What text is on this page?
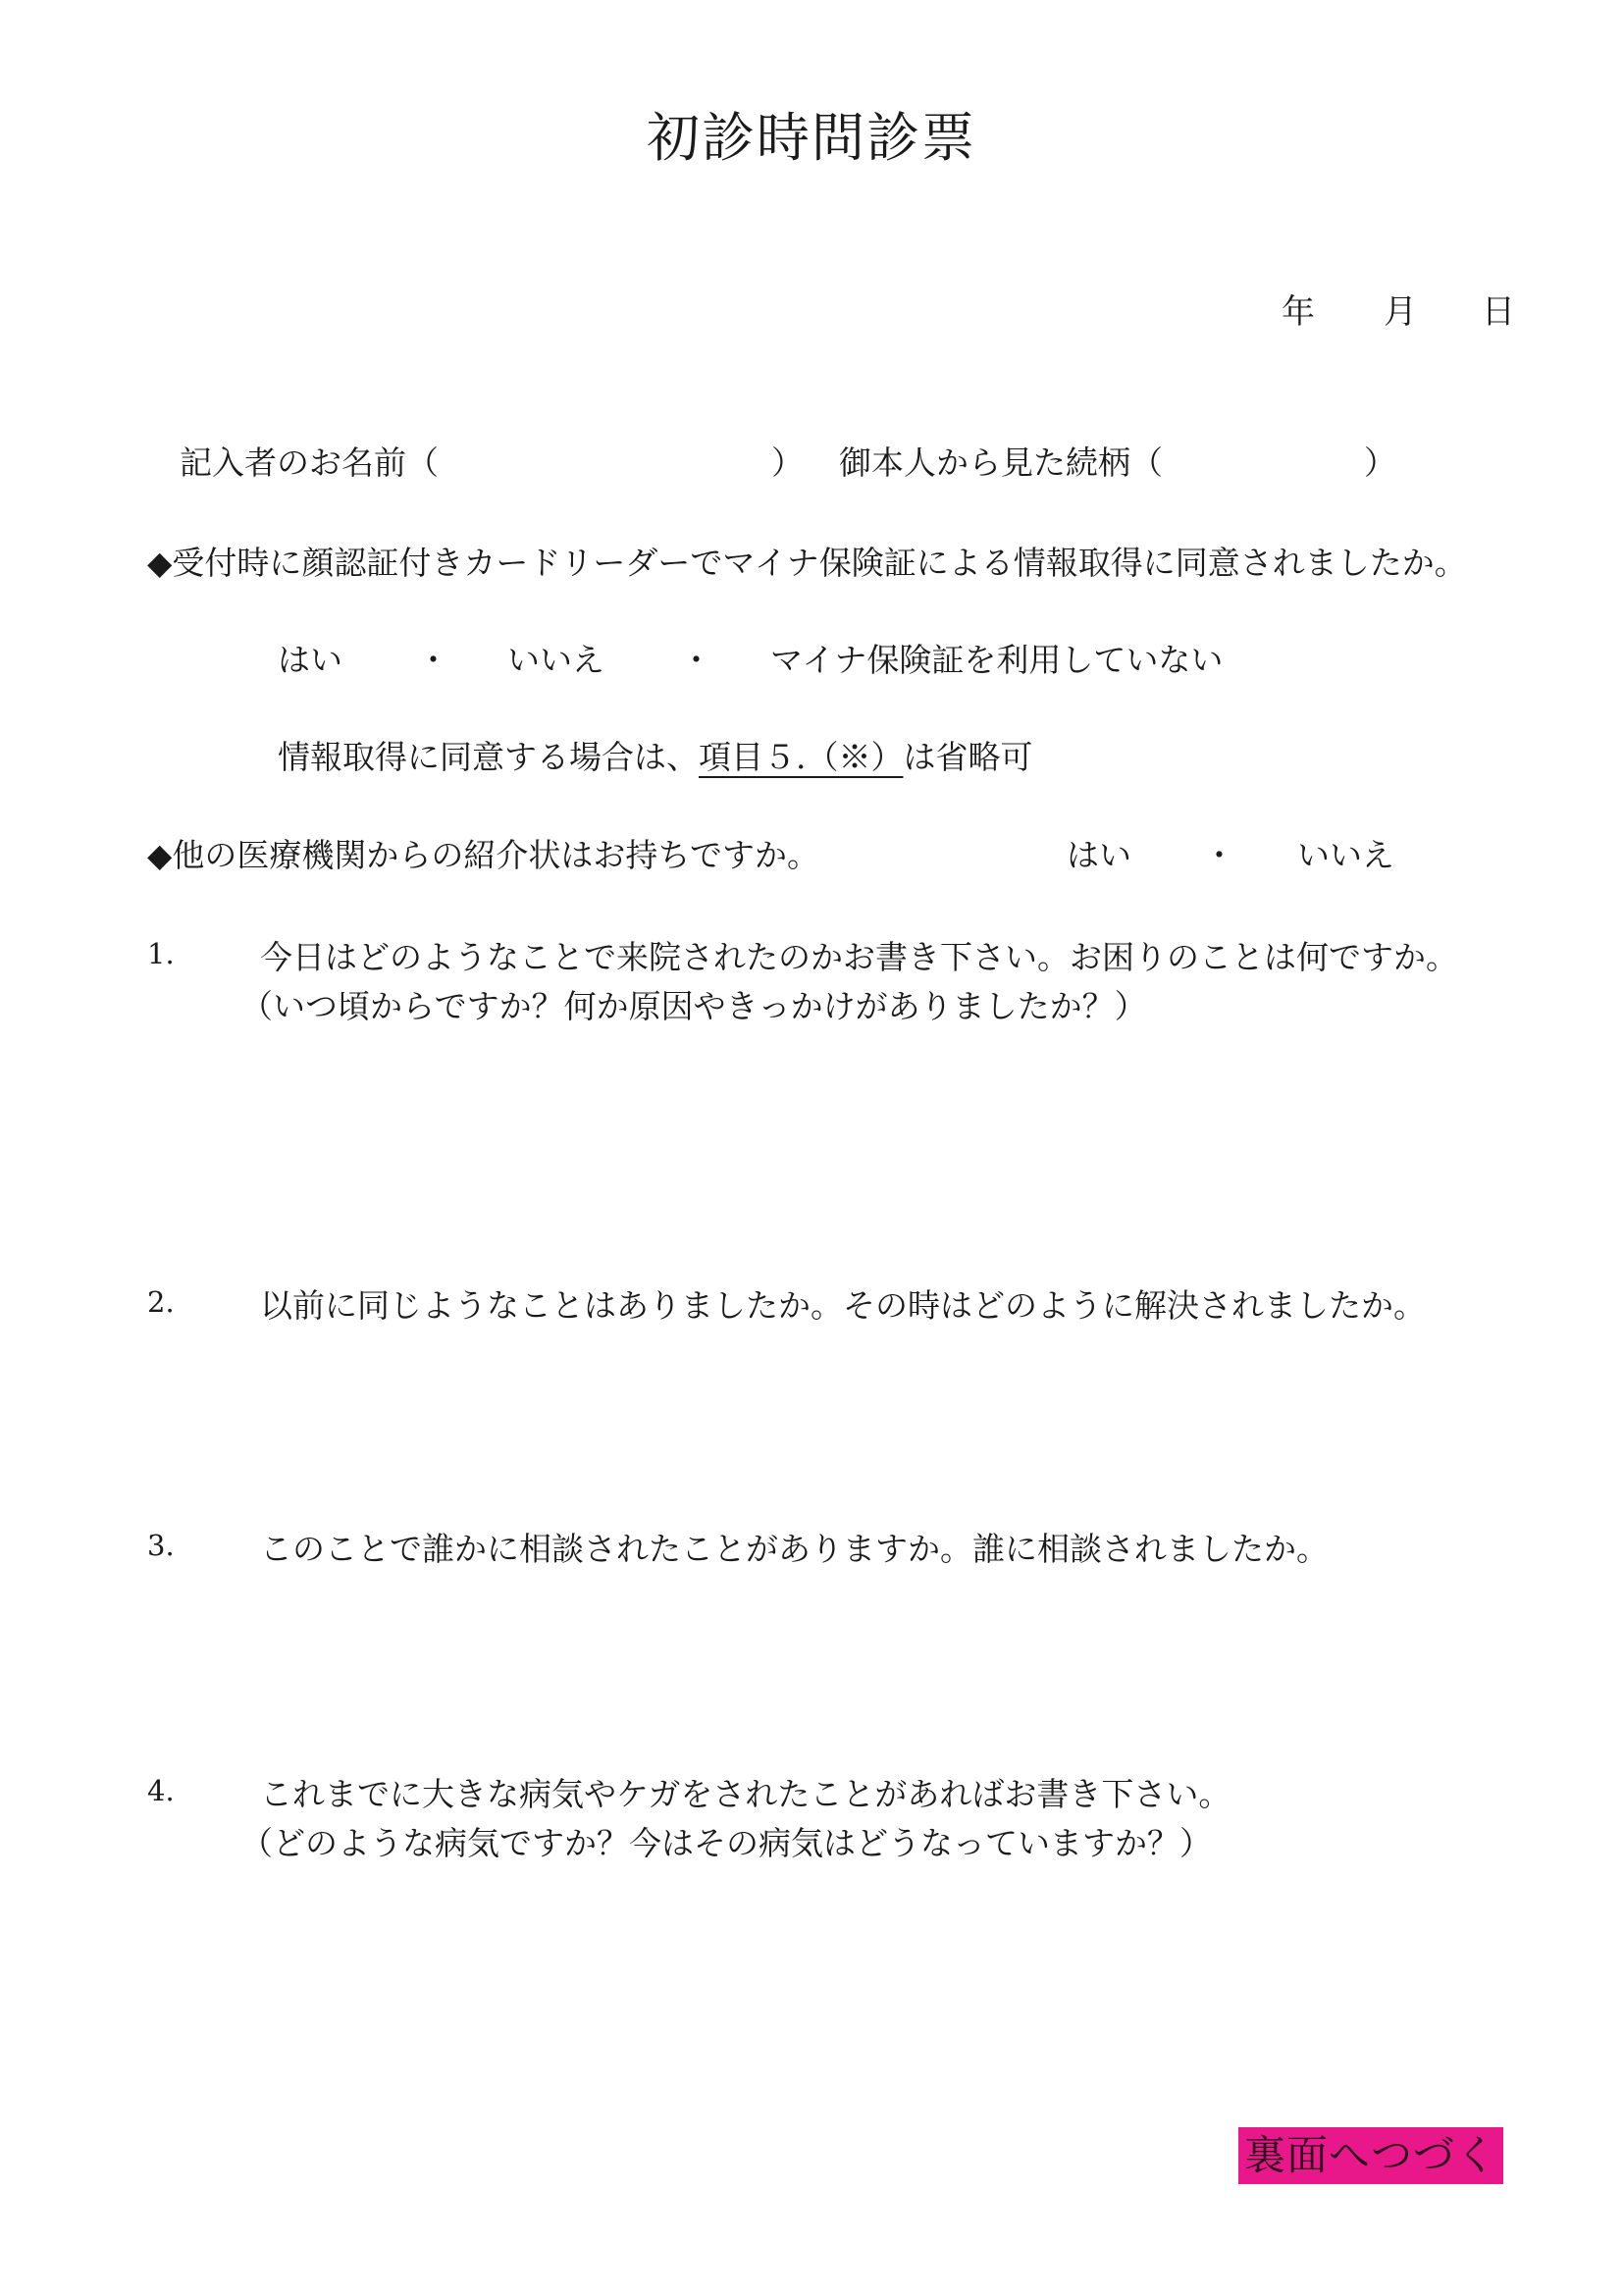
初診時問診票
年 月 日
記入者のお名前（	） 御本人から見た続柄（	）
◆受付時に顔認証付きカードリーダーでマイナ保険証による情報取得に同意されましたか。
はい ・ いいえ ・ マイナ保険証を利用していない
情報取得に同意する場合は、項目５.（※）は省略可
◆他の医療機関からの紹介状はお持ちですか。	はい ・ いいえ
1.	今日はどのようなことで来院されたのかお書き下さい。お困りのことは何ですか。
（いつ頃からですか？何か原因やきっかけがありましたか？）
2.	以前に同じようなことはありましたか。その時はどのように解決されましたか。
3.	このことで誰かに相談されたことがありますか。誰に相談されましたか。
4.	これまでに大きな病気やケガをされたことがあればお書き下さい。
（どのような病気ですか？今はその病気はどうなっていますか？）
裏面へつづく
